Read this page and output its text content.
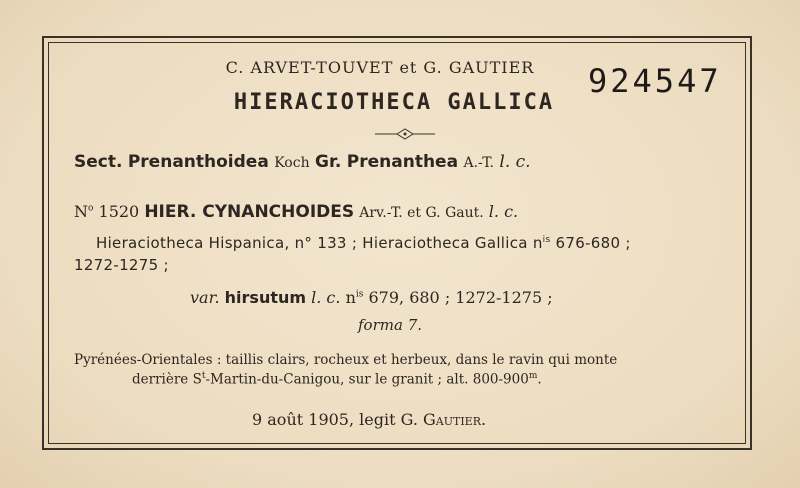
C. ARVET-TOUVET et G. GAUTIER	924547
HIERACIOTHECA GALLICA
Sect. Prenanthoidea Koch Gr. Prenanthea A.-T. l. c.
$N^o$ 1520 HIER. CYNANCHOIDES Arv.-T. et G. Gaut. l. c.
Hieraciotheca Hispanica, n° 133 ; Hieraciotheca Gallica $n^{is}$ 676-680 ;
1272-1275 ;
var. hirsutum l. c. $n^{is}$ 679, 680 ; 1272-1275 ;
forma 7.
Pyrénées-Orientales : taillis clairs, rocheux et herbeux, dans le ravin qui monte
derrière $S^t-Martin-du$-Canigou, sur le granit ; alt. 800-900$^m$.
9 août 1905, legit G. Gautier.
